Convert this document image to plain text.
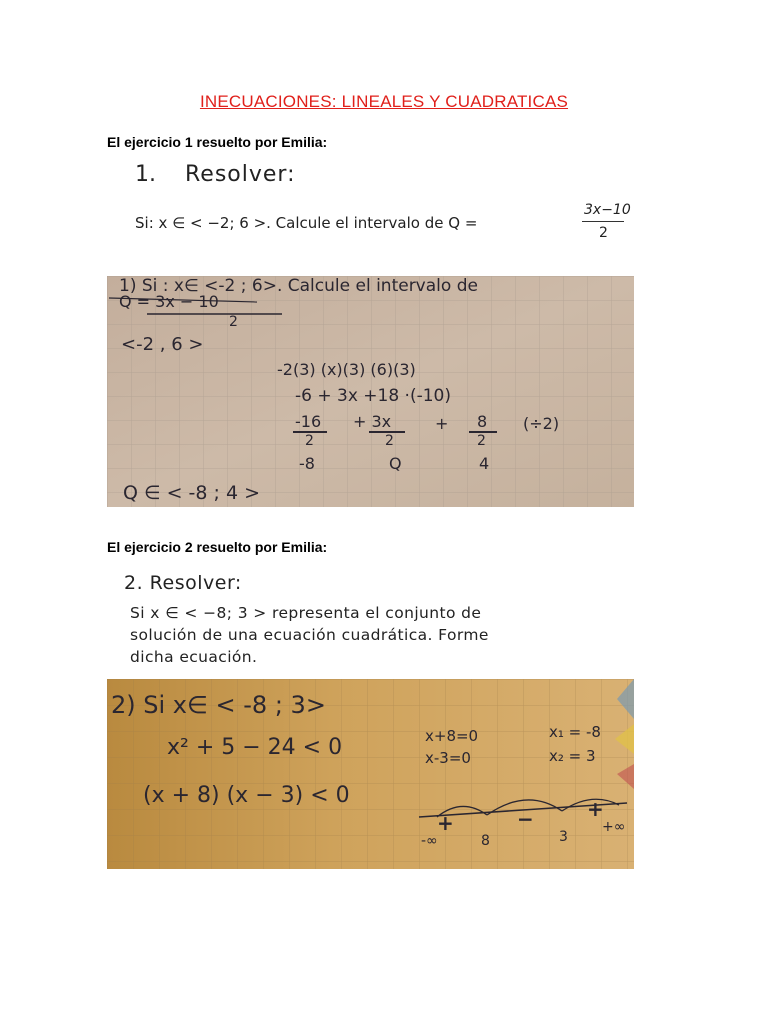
INECUACIONES: LINEALES Y CUADRATICAS
El ejercicio 1 resuelto por Emilia:
1. Resolver:
Si: x ∈ < −2; 6 >. Calcule el intervalo de Q =
3x−10
2
1) Si : x∈ <-2 ; 6>. Calcule el intervalo de
Q = 3x − 10
2
<-2 , 6 >
-2(3) (x)(3) (6)(3)
-6 + 3x +18 ·(-10)
-16
2
+ 3x
2
+ 8
2
(÷2)
-8	Q	4
Q ∈ < -8 ; 4 >
El ejercicio 2 resuelto por Emilia:
2. Resolver:
Si x ∈ < −8; 3 > representa el conjunto de
solución de una ecuación cuadrática. Forme
dicha ecuación.
2) Si x∈ < -8 ; 3>
x² + 5 − 24 < 0
(x + 8) (x − 3) < 0
x+8=0
x-3=0
x₁ = -8
x₂ = 3
+	−	+
-∞	8	3
+∞
